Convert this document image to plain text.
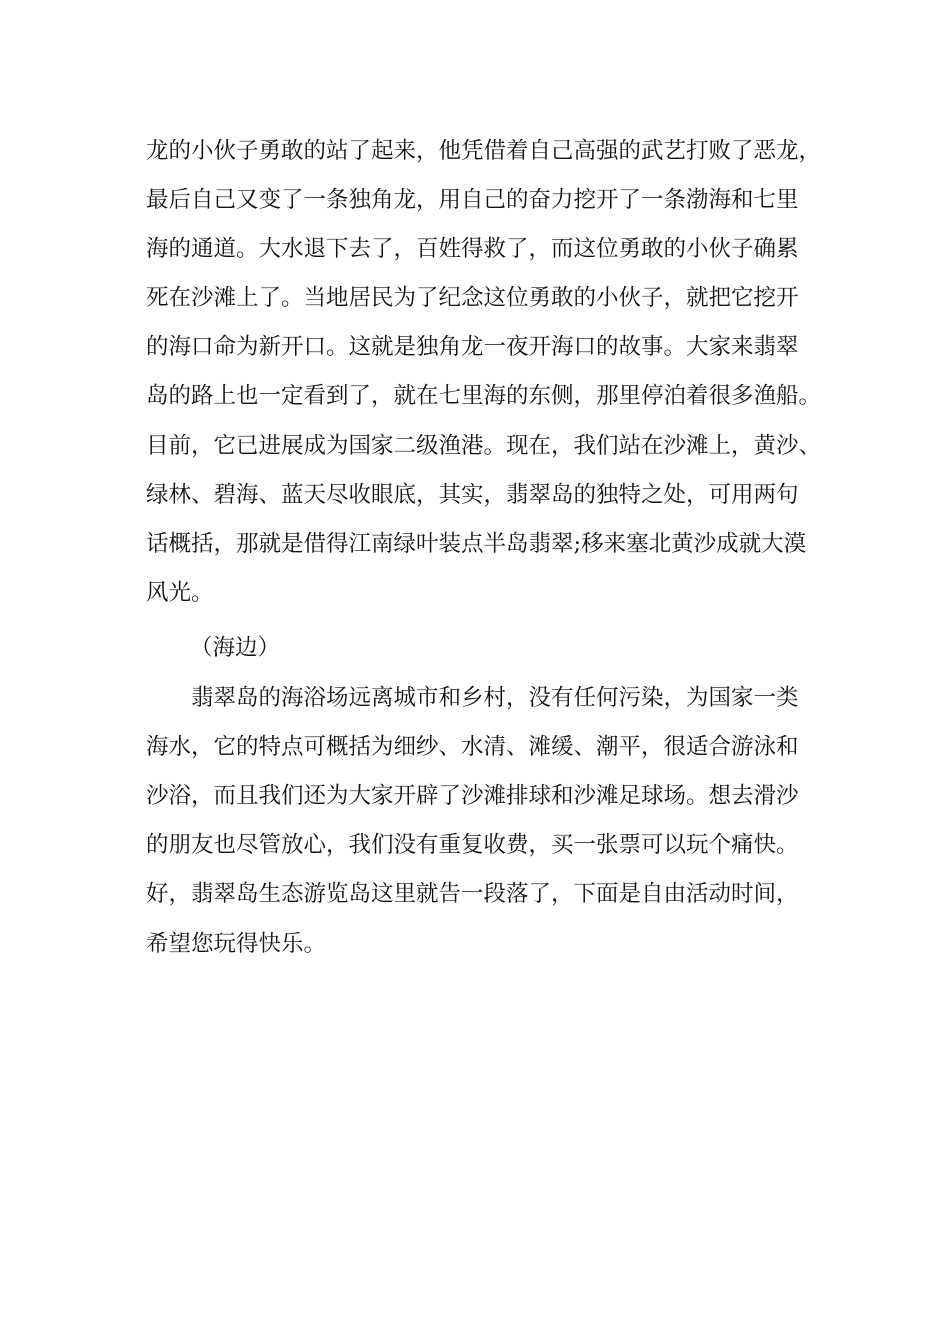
龙的小伙子勇敢的站了起来，他凭借着自己高强的武艺打败了恶龙，
最后自己又变了一条独角龙，用自己的奋力挖开了一条渤海和七里
海的通道。大水退下去了，百姓得救了，而这位勇敢的小伙子确累
死在沙滩上了。当地居民为了纪念这位勇敢的小伙子，就把它挖开
的海口命为新开口。这就是独角龙一夜开海口的故事。大家来翡翠
岛的路上也一定看到了，就在七里海的东侧，那里停泊着很多渔船。
目前，它已进展成为国家二级渔港。现在，我们站在沙滩上，黄沙、
绿林、碧海、蓝天尽收眼底，其实，翡翠岛的独特之处，可用两句
话概括，那就是借得江南绿叶装点半岛翡翠;移来塞北黄沙成就大漠
风光。
（海边）
翡翠岛的海浴场远离城市和乡村，没有任何污染，为国家一类
海水，它的特点可概括为细纱、水清、滩缓、潮平，很适合游泳和
沙浴，而且我们还为大家开辟了沙滩排球和沙滩足球场。想去滑沙
的朋友也尽管放心，我们没有重复收费，买一张票可以玩个痛快。
好，翡翠岛生态游览岛这里就告一段落了，下面是自由活动时间，
希望您玩得快乐。
